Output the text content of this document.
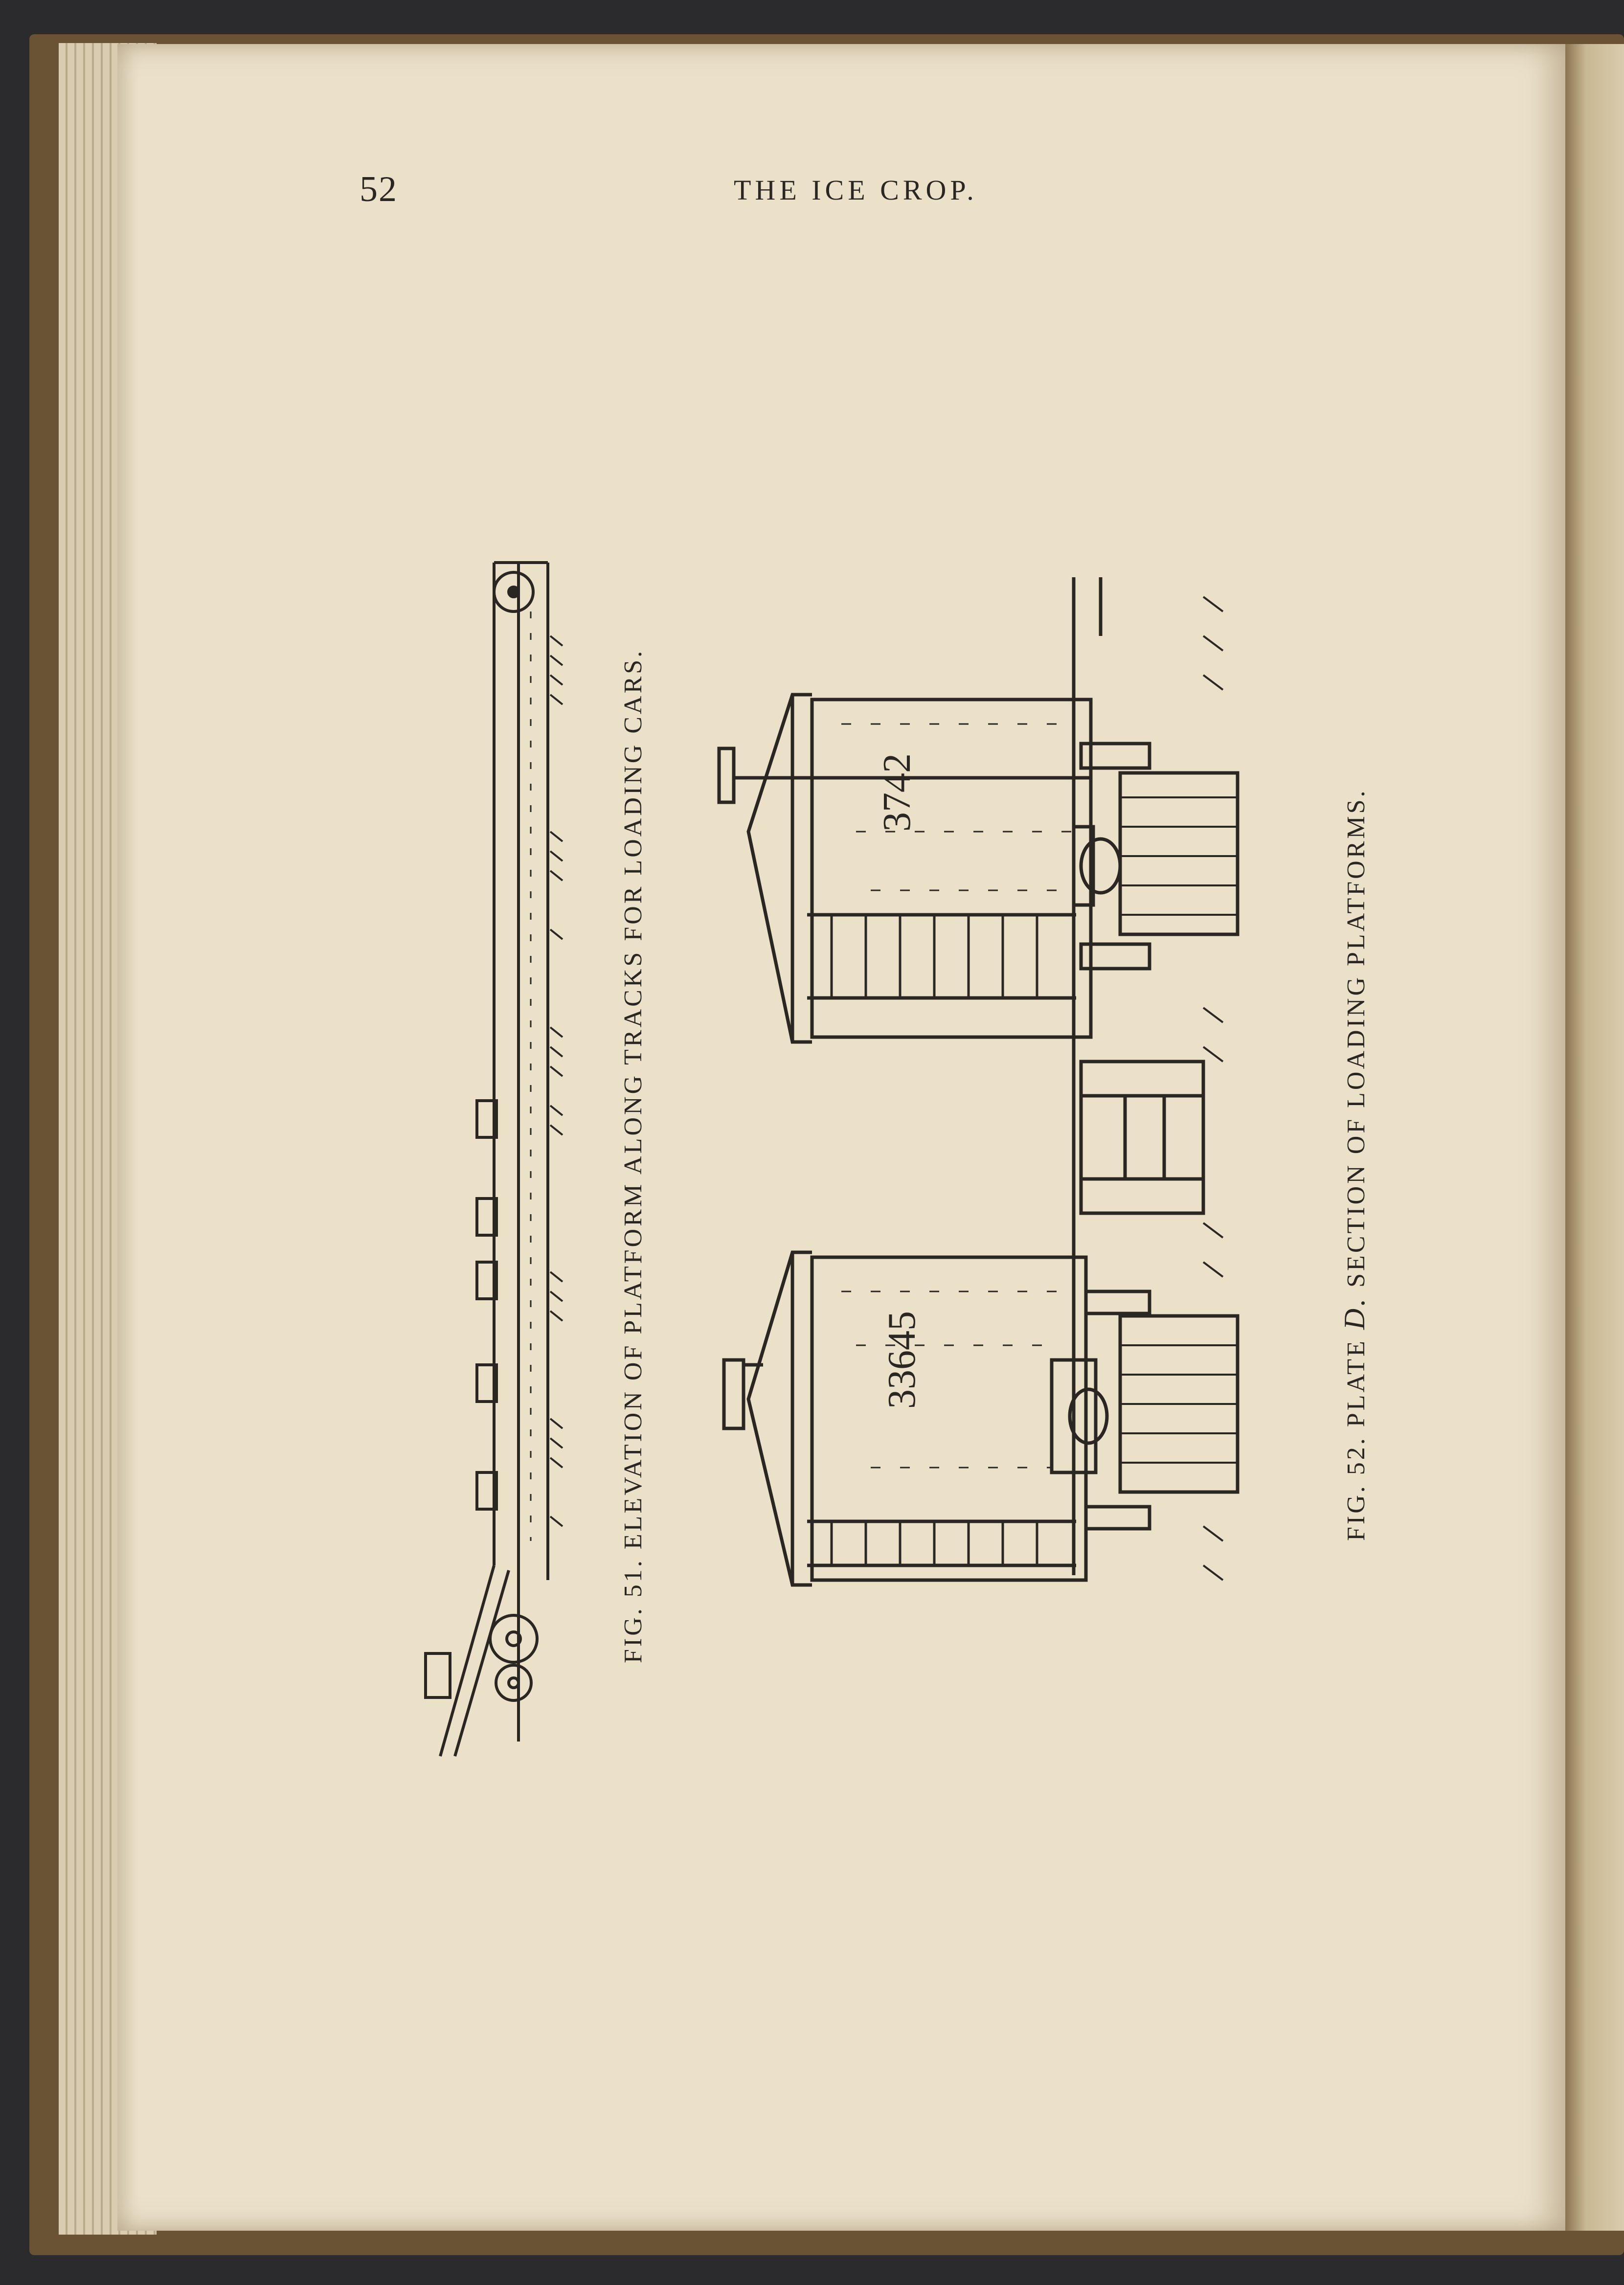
52	THE ICE CROP.
3742
33645
FIG. 51. ELEVATION OF PLATFORM ALONG TRACKS FOR LOADING CARS.	FIG. 52. PLATE D. SECTION OF LOADING PLATFORMS.
